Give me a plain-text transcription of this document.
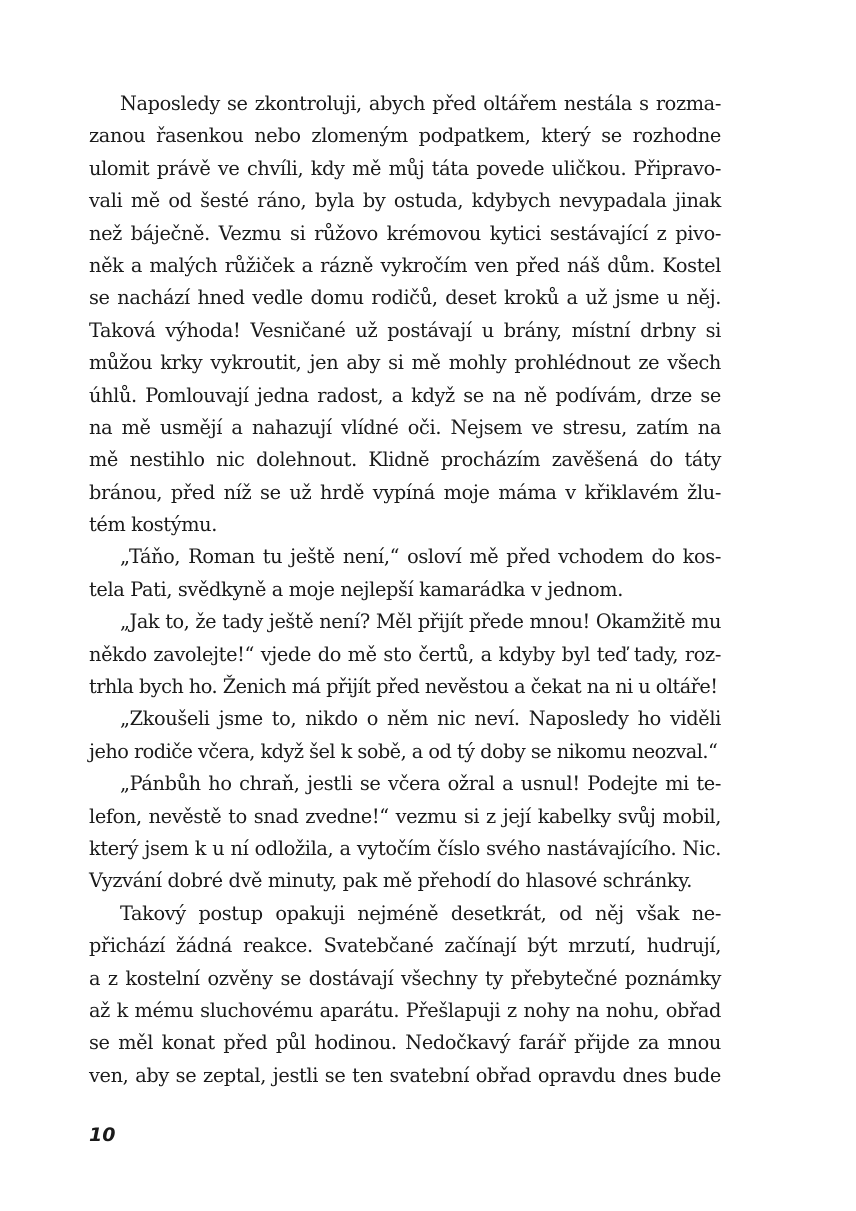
Naposledy se zkontroluji, abych před oltářem nestála s rozma-
zanou řasenkou nebo zlomeným podpatkem, který se rozhodne
ulomit právě ve chvíli, kdy mě můj táta povede uličkou. Připravo-
vali mě od šesté ráno, byla by ostuda, kdybych nevypadala jinak
než báječně. Vezmu si růžovo krémovou kytici sestávající z pivo-
něk a malých růžiček a rázně vykročím ven před náš dům. Kostel
se nachází hned vedle domu rodičů, deset kroků a už jsme u něj.
Taková výhoda! Vesničané už postávají u brány, místní drbny si
můžou krky vykroutit, jen aby si mě mohly prohlédnout ze všech
úhlů. Pomlouvají jedna radost, a když se na ně podívám, drze se
na mě usmějí a nahazují vlídné oči. Nejsem ve stresu, zatím na
mě nestihlo nic dolehnout. Klidně procházím zavěšená do táty
bránou, před níž se už hrdě vypíná moje máma v křiklavém žlu-
tém kostýmu.
„Táňo, Roman tu ještě není,“ osloví mě před vchodem do kos-
tela Pati, svědkyně a moje nejlepší kamarádka v jednom.
„Jak to, že tady ještě není? Měl přijít přede mnou! Okamžitě mu
někdo zavolejte!“ vjede do mě sto čertů, a kdyby byl teď tady, roz-
trhla bych ho. Ženich má přijít před nevěstou a čekat na ni u oltáře!
„Zkoušeli jsme to, nikdo o něm nic neví. Naposledy ho viděli
jeho rodiče včera, když šel k sobě, a od tý doby se nikomu neozval.“
„Pánbůh ho chraň, jestli se včera ožral a usnul! Podejte mi te-
lefon, nevěstě to snad zvedne!“ vezmu si z její kabelky svůj mobil,
který jsem k u ní odložila, a vytočím číslo svého nastávajícího. Nic.
Vyzvání dobré dvě minuty, pak mě přehodí do hlasové schránky.
Takový postup opakuji nejméně desetkrát, od něj však ne-
přichází žádná reakce. Svatebčané začínají být mrzutí, hudrují,
a z kostelní ozvěny se dostávají všechny ty přebytečné poznámky
až k mému sluchovému aparátu. Přešlapuji z nohy na nohu, obřad
se měl konat před půl hodinou. Nedočkavý farář přijde za mnou
ven, aby se zeptal, jestli se ten svatební obřad opravdu dnes bude
10
